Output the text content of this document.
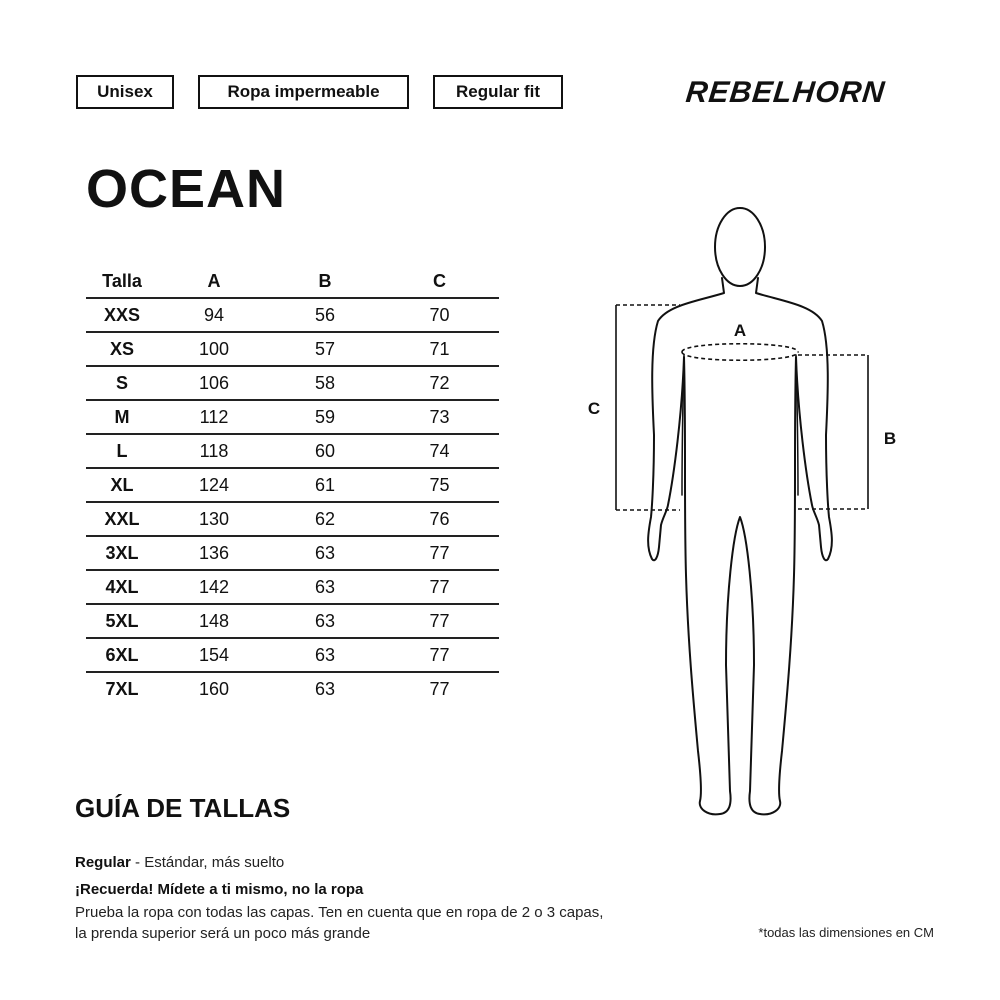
Unisex	Ropa impermeable	Regular fit	REBELHORN
OCEAN
Talla	A	B	C
XXS	94	56	70
XS	100	57	71
S	106	58	72
M	112	59	73
L	118	60	74
XL	124	61	75
XXL	130	62	76
3XL	136	63	77
4XL	142	63	77
5XL	148	63	77
6XL	154	63	77
7XL	160	63	77
A
C
B
GUÍA DE TALLAS
Regular - Estándar, más suelto
¡Recuerda! Mídete a ti mismo, no la ropa
Prueba la ropa con todas las capas. Ten en cuenta que en ropa de 2 o 3 capas,
la prenda superior será un poco más grande	*todas las dimensiones en CM
